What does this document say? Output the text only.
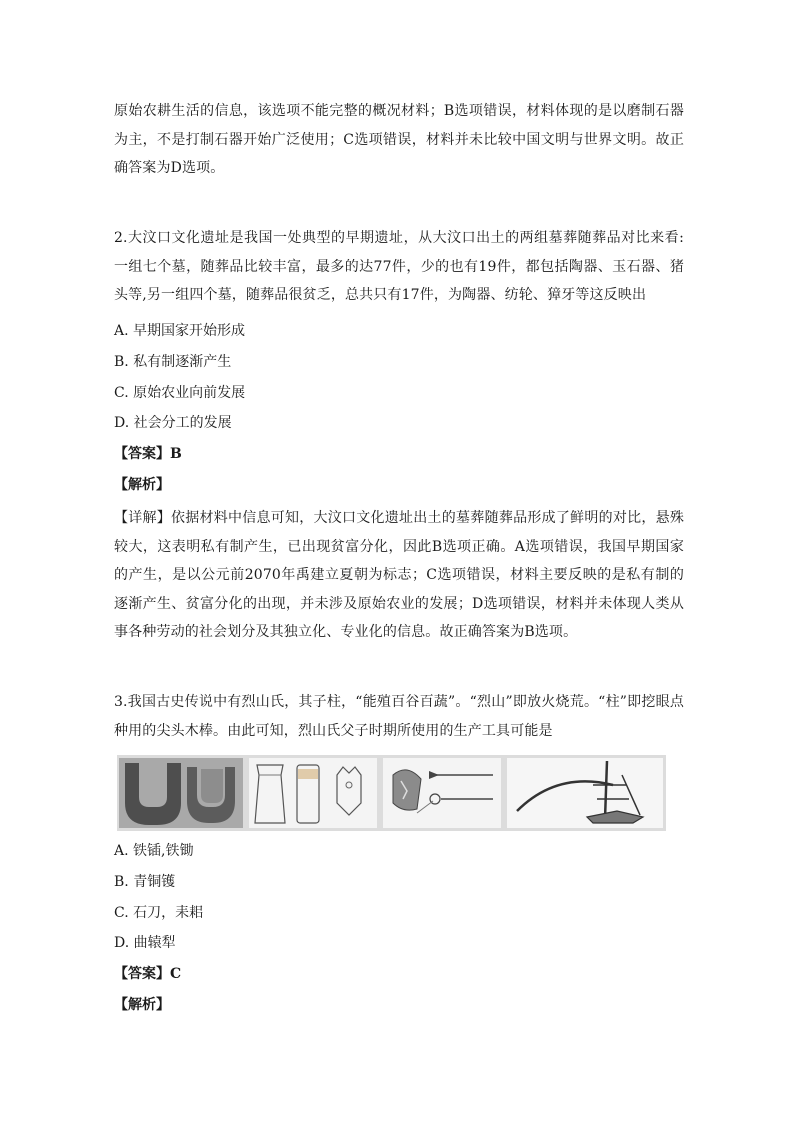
原始农耕生活的信息，该选项不能完整的概况材料；B选项错误，材料体现的是以磨制石器为主，不是打制石器开始广泛使用；C选项错误，材料并未比较中国文明与世界文明。故正确答案为D选项。
2.大汶口文化遗址是我国一处典型的早期遗址，从大汶口出土的两组墓葬随葬品对比来看:一组七个墓，随葬品比较丰富，最多的达77件，少的也有19件，都包括陶器、玉石器、猪头等,另一组四个墓，随葬品很贫乏，总共只有17件，为陶器、纺轮、獐牙等这反映出
A. 早期国家开始形成
B. 私有制逐渐产生
C. 原始农业向前发展
D. 社会分工的发展
【答案】B
【解析】
【详解】依据材料中信息可知，大汶口文化遗址出土的墓葬随葬品形成了鲜明的对比，悬殊较大，这表明私有制产生，已出现贫富分化，因此B选项正确。A选项错误，我国早期国家的产生，是以公元前2070年禹建立夏朝为标志；C选项错误，材料主要反映的是私有制的逐渐产生、贫富分化的出现，并未涉及原始农业的发展；D选项错误，材料并未体现人类从事各种劳动的社会划分及其独立化、专业化的信息。故正确答案为B选项。
3.我国古史传说中有烈山氏，其子柱，“能殖百谷百蔬”。“烈山”即放火烧荒。“柱”即挖眼点种用的尖头木棒。由此可知，烈山氏父子时期所使用的生产工具可能是
A. 铁锸,铁锄
B. 青铜镬
C. 石刀，耒耜
D. 曲辕犁
【答案】C
【解析】
